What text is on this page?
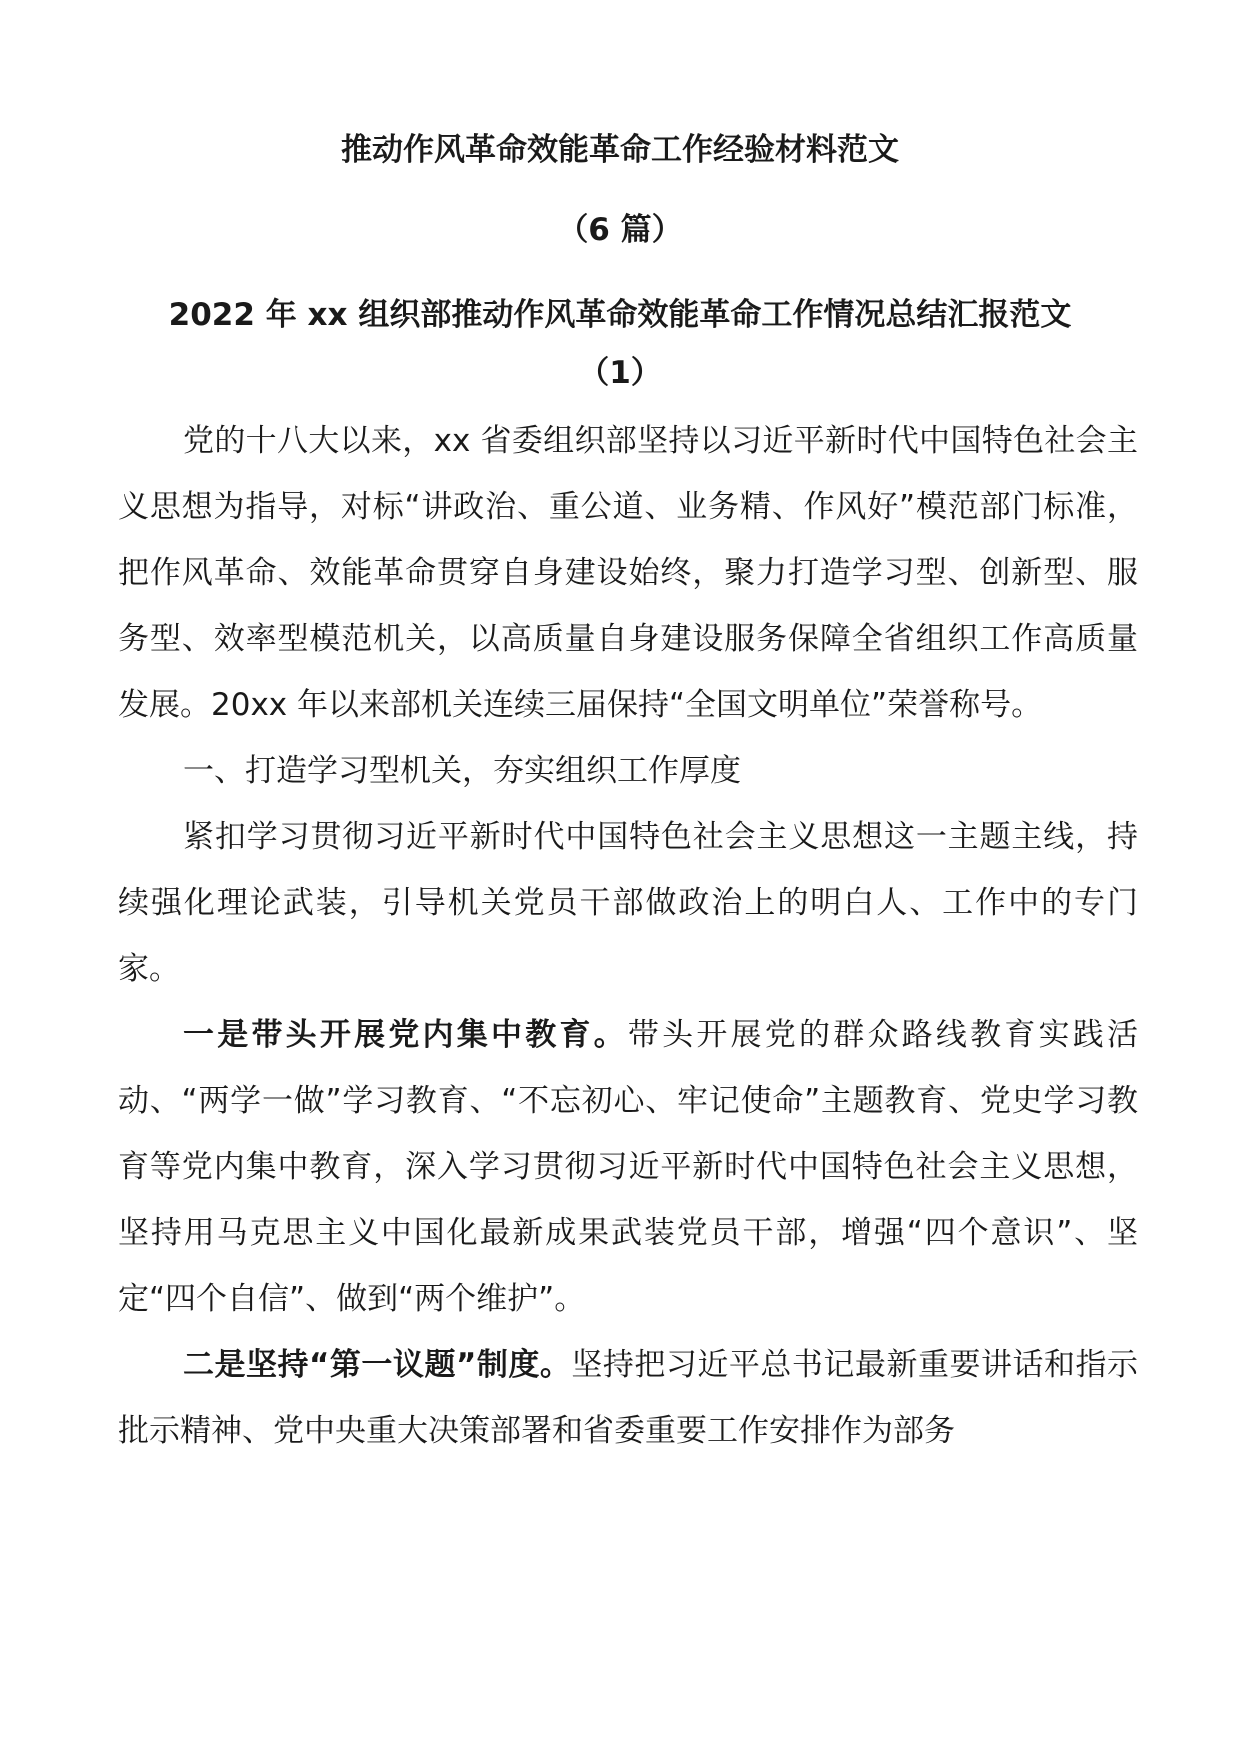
推动作风革命效能革命工作经验材料范文
（6 篇）
2022 年 xx 组织部推动作风革命效能革命工作情况总结汇报范文
（1）

党的十八大以来，xx 省委组织部坚持以习近平新时代中国特色社会主义思想为指导，对标“讲政治、重公道、业务精、作风好”模范部门标准，把作风革命、效能革命贯穿自身建设始终，聚力打造学习型、创新型、服务型、效率型模范机关，以高质量自身建设服务保障全省组织工作高质量发展。20xx 年以来部机关连续三届保持“全国文明单位”荣誉称号。

一、打造学习型机关，夯实组织工作厚度

紧扣学习贯彻习近平新时代中国特色社会主义思想这一主题主线，持续强化理论武装，引导机关党员干部做政治上的明白人、工作中的专门家。

一是带头开展党内集中教育。带头开展党的群众路线教育实践活动、“两学一做”学习教育、“不忘初心、牢记使命”主题教育、党史学习教育等党内集中教育，深入学习贯彻习近平新时代中国特色社会主义思想，坚持用马克思主义中国化最新成果武装党员干部，增强“四个意识”、坚定“四个自信”、做到“两个维护”。

二是坚持“第一议题”制度。坚持把习近平总书记最新重要讲话和指示批示精神、党中央重大决策部署和省委重要工作安排作为部务
